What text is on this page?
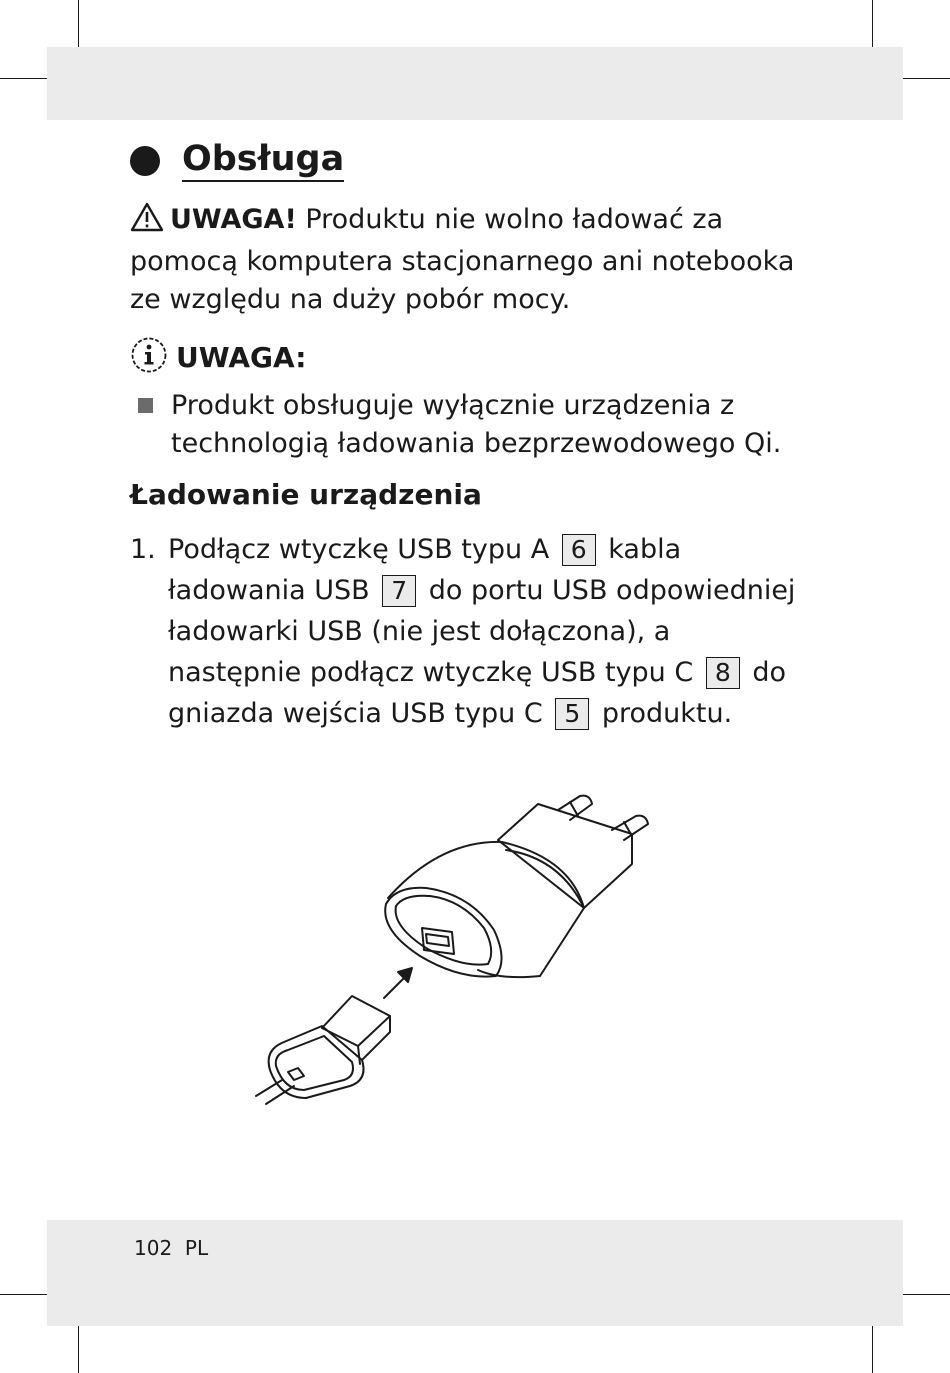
Obsługa
UWAGA! Produktu nie wolno ładować za pomocą komputera stacjonarnego ani notebooka ze względu na duży pobór mocy.
UWAGA:
Produkt obsługuje wyłącznie urządzenia z technologią ładowania bezprzewodowego Qi.
Ładowanie urządzenia
1. Podłącz wtyczkę USB typu A 6 kabla ładowania USB 7 do portu USB odpowiedniej ładowarki USB (nie jest dołączona), a następnie podłącz wtyczkę USB typu C 8 do gniazda wejścia USB typu C 5 produktu.
102 PL
